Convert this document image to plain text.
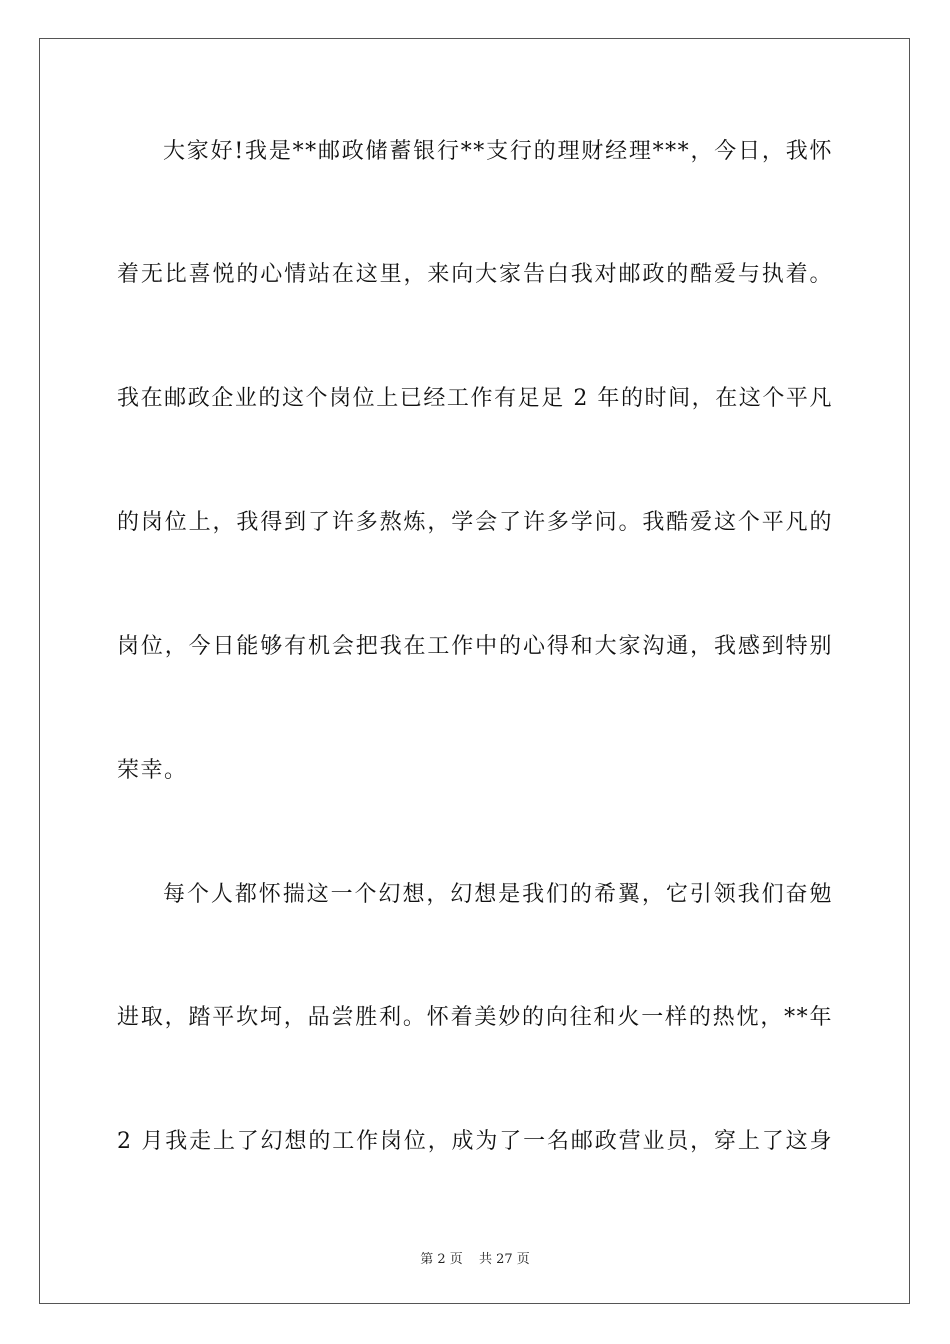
大家好!我是**邮政储蓄银行**支行的理财经理***，今日，我怀
着无比喜悦的心情站在这里，来向大家告白我对邮政的酷爱与执着。
我在邮政企业的这个岗位上已经工作有足足 2 年的时间，在这个平凡
的岗位上，我得到了许多熬炼，学会了许多学问。我酷爱这个平凡的
岗位，今日能够有机会把我在工作中的心得和大家沟通，我感到特别
荣幸。
每个人都怀揣这一个幻想，幻想是我们的希翼，它引领我们奋勉
进取，踏平坎坷，品尝胜利。怀着美妙的向往和火一样的热忱，**年
2 月我走上了幻想的工作岗位，成为了一名邮政营业员，穿上了这身
第 2 页 共 27 页
